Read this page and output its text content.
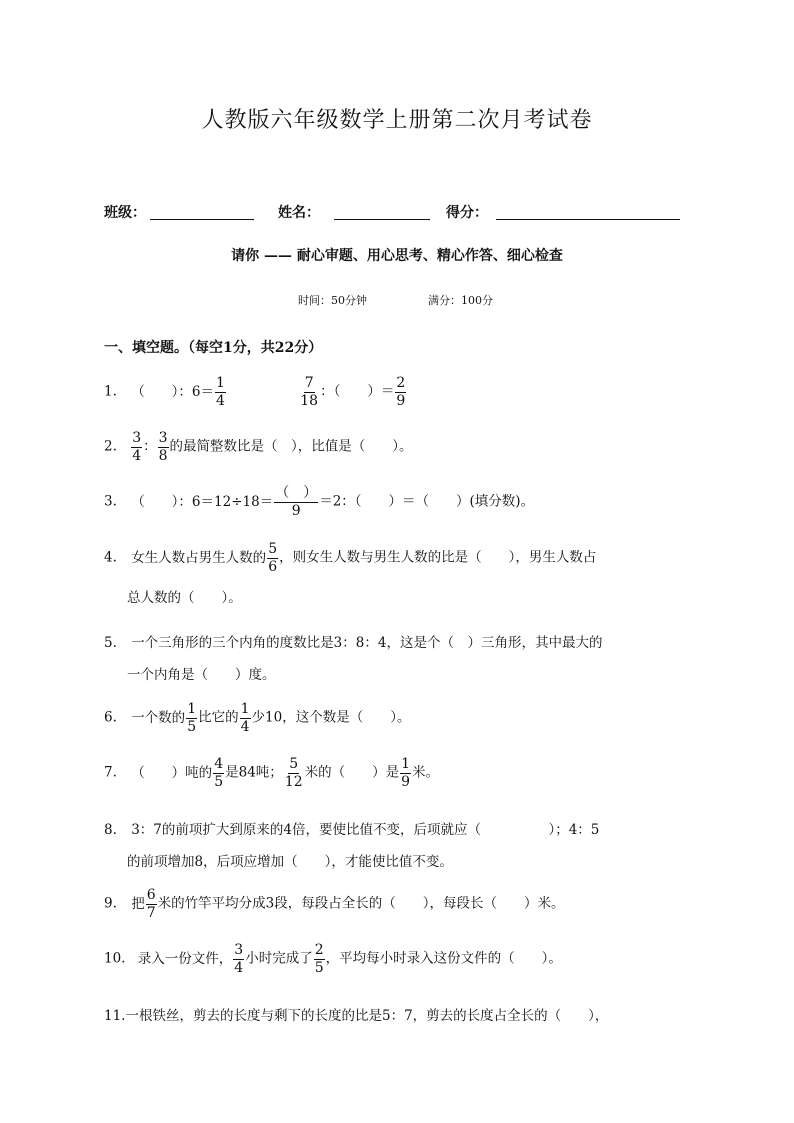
人教版六年级数学上册第二次月考试卷
班级：	姓名：	得分：
请你 —— 耐心审题、用心思考、精心作答、细心检查
时间：50分钟	满分：100分
一、填空题。（每空1分，共22分）
1. （　　）：$6= \frac{1}{4}$
	$\frac{7}{18}$ ：（　　）＝ $\frac{2}{9}$
2. $\frac{3}{4}$ ： $\frac{3}{8}$ 的最简整数比是（　），比值是（　　）。
3. （　　）：$6=12\div 18= \frac{( )}{9} =2$：（　　）＝（　　）(填分数)。
4. 女生人数占男生人数的 $\frac{5}{6}$ ，则女生人数与男生人数的比是（　　），男生人数占
总人数的（　　）。
5. 一个三角形的三个内角的度数比是3：8：4，这是个（　）三角形，其中最大的
一个内角是（　　）度。
6. 一个数的 $\frac{1}{5}$ 比它的 $\frac{1}{4}$ 少10，这个数是（　　）。
7. （　　）吨的 $\frac{4}{5}$ 是84吨； $\frac{5}{12}$ 米的（　　）是 $\frac{1}{9}$ 米。
8. 3：7的前项扩大到原来的4倍，要使比值不变，后项就应（　　　　　）；4：5
的前项增加8，后项应增加（　　），才能使比值不变。
9. 把 $\frac{6}{7}$ 米的竹竿平均分成3段，每段占全长的（　　），每段长（　　）米。
10. 录入一份文件， $\frac{3}{4}$ 小时完成了 $\frac{2}{5}$ ，平均每小时录入这份文件的（　　）。
11.一根铁丝，剪去的长度与剩下的长度的比是5：7，剪去的长度占全长的（　　），
